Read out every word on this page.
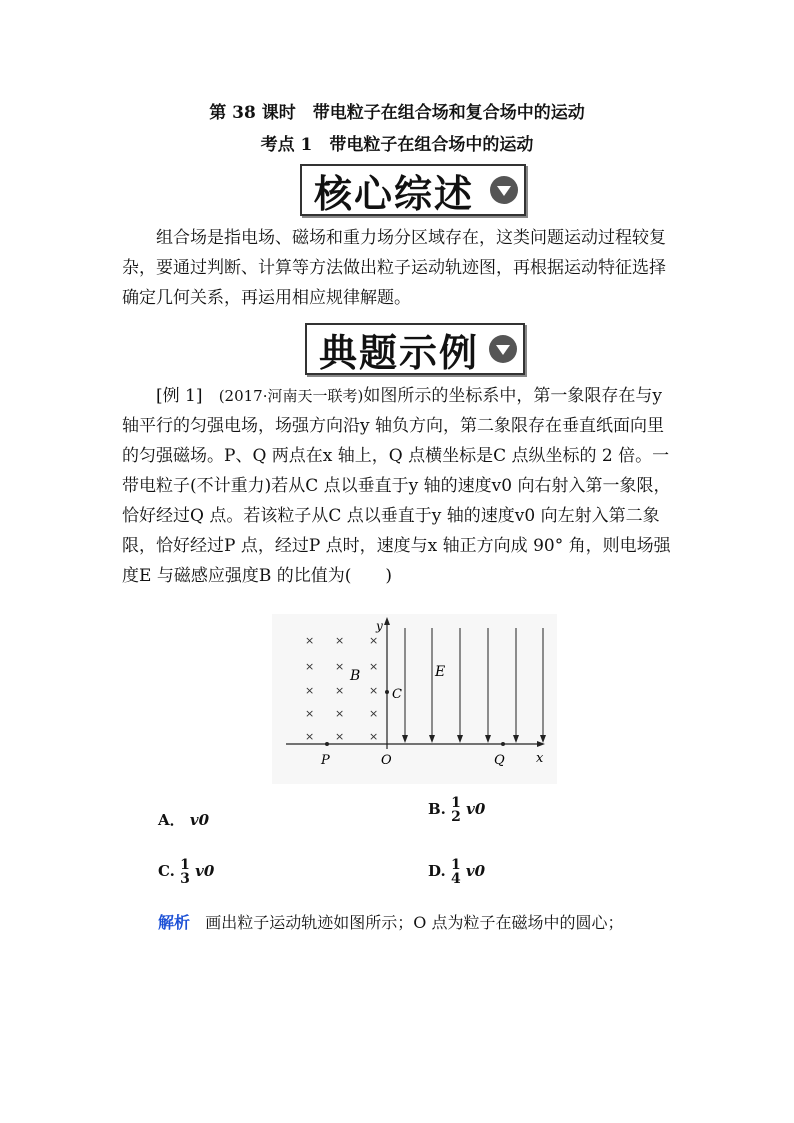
第 38 课时　带电粒子在组合场和复合场中的运动
考点 1　带电粒子在组合场中的运动
核心综述
组合场是指电场、磁场和重力场分区域存在，这类问题运动过程较复杂，要通过判断、计算等方法做出粒子运动轨迹图，再根据运动特征选择确定几何关系，再运用相应规律解题。
典题示例
[例 1] (2017·河南天一联考)如图所示的坐标系中，第一象限存在与y 轴平行的匀强电场，场强方向沿y 轴负方向，第二象限存在垂直纸面向里的匀强磁场。P、Q 两点在x 轴上，Q 点横坐标是C 点纵坐标的 2 倍。一带电粒子(不计重力)若从C 点以垂直于y 轴的速度v0 向右射入第一象限，恰好经过Q 点。若该粒子从C 点以垂直于y 轴的速度v0 向左射入第二象限，恰好经过P 点，经过P 点时，速度与x 轴正方向成 90° 角，则电场强度E 与磁感应强度B 的比值为(　　)
× × ×
× × ×
× × ×
× × ×
× × ×
y
x
B	E
C
P	O	Q
A． v0
B. 1
2 v0
C. 1
3 v0	D. 1
4 v0
解析 画出粒子运动轨迹如图所示；O 点为粒子在磁场中的圆心；
